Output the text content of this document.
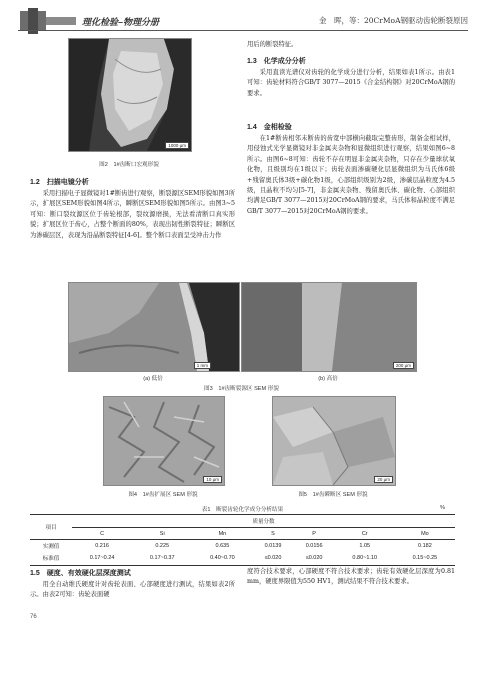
理化检验–物理分册	金　晖，等：20CrMoA钢驱动齿轮断裂原因
1000 μm
图2　1#齿断口宏观形貌
1.2　扫描电镜分析
采用扫描电子显微镜对1#断齿进行观察，断裂源区SEM形貌如图3所示，扩展区SEM形貌如图4所示，瞬断区SEM形貌如图5所示。由图3~5可知：断口裂纹源区位于齿轮根部，裂纹源磨损，无法看清断口真实形貌；扩展区位于齿心，占整个断面的80%，表现出韧性断裂特征；瞬断区为渗碳层区，表现为沿晶断裂特征[4-6]。整个断口表面呈受冲击力作
用后的断裂特征。
1.3　化学成分分析
采用直读光谱仪对齿轮的化学成分进行分析，结果如表1所示。由表1可知：齿轮材料符合GB/T 3077—2015《合金结构钢》对20CrMoA钢的要求。
1.4　金相检验
在1#断齿相邻未断齿的齿宽中部横向截取完整齿形，制备金相试样，用侵蚀式光学显微镜对非金属夹杂物和显微组织进行观察，结果如图6~8所示。由图6~8可知：齿轮不存在明显非金属夹杂物，只存在少量球状氧化物，且级别均在1级以下；齿轮表面渗碳硬化层显微组织为马氏体6级+残留奥氏体3级+碳化物1级，心部组织级别为2级，渗碳层晶粒度为4.5级，且晶粒不均匀[5-7]，非金属夹杂物、残留奥氏体、碳化物、心部组织均满足GB/T 3077—2015对20CrMoA钢的要求，马氏体和晶粒度不满足GB/T 3077—2015对20CrMoA钢的要求。
1 mm	200 μm
(a) 低倍	(b) 高倍
图3　1#齿断裂源区 SEM 形貌
10 μm	20 μm
图4　1#齿扩展区 SEM 形貌	图5　1#齿瞬断区 SEM 形貌
表1　断裂齿轮化学成分分析结果	%
项目	质量分数						
	C	Si	Mn	S	P	Cr	Mo
实测值	0.216	0.225	0.635	0.0139	0.0156	1.05	0.182
标准值	0.17~0.24	0.17~0.37	0.40~0.70	≤0.020	≤0.020	0.80~1.10	0.15~0.25
1.5　硬度、有效硬化层深度测试
用全自动维氏硬度计对齿轮表面、心部硬度进行测试，结果如表2所示。由表2可知：齿轮表面硬
度符合技术要求，心部硬度不符合技术要求；齿轮有效硬化层深度为0.81 mm，硬度界限值为550 HV1，测试结果不符合技术要求。
76
